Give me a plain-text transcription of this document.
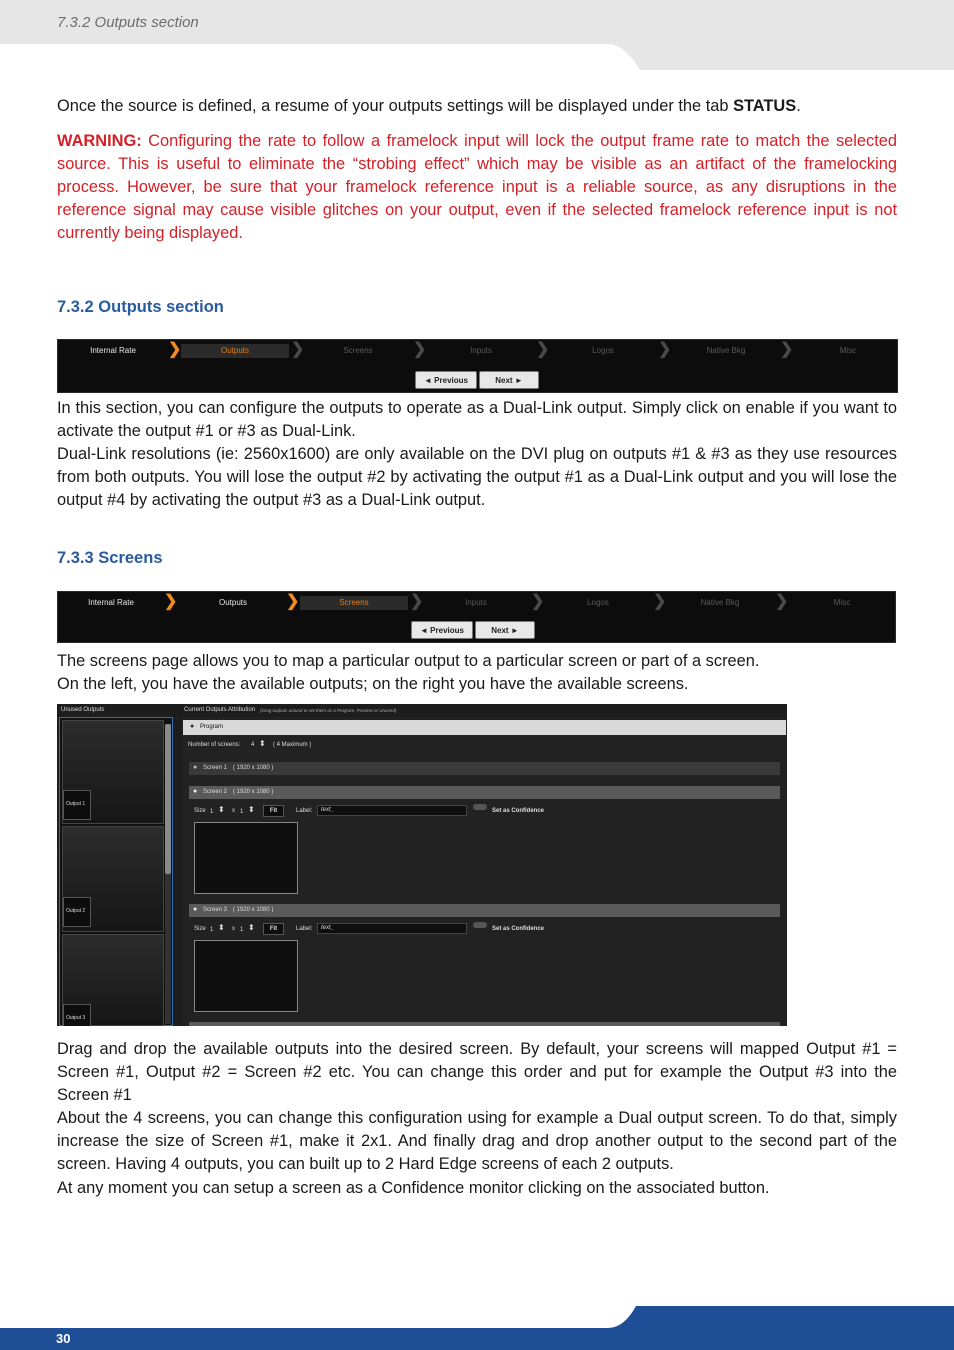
7.3.2 Outputs section

Once the source is defined, a resume of your outputs settings will be displayed under the tab STATUS.

WARNING: Configuring the rate to follow a framelock input will lock the output frame rate to match the selected source. This is useful to eliminate the “strobing effect” which may be visible as an artifact of the framelocking process. However, be sure that your framelock reference input is a reliable source, as any disruptions in the reference signal may cause visible glitches on your output, even if the selected framelock reference input is not currently being displayed.

7.3.2 Outputs section
Internal Rate	❯	Outputs	❯	Screens	❯	Inputs	❯	Logos	❯	Native Bkg	❯	Misc
◄ Previous	Next ►

In this section, you can configure the outputs to operate as a Dual-Link output. Simply click on enable if you want to activate the output #1 or #3 as Dual-Link.

Dual-Link resolutions (ie: 2560x1600) are only available on the DVI plug on outputs #1 & #3 as they use resources from both outputs. You will lose the output #2 by activating the output #1 as a Dual-Link output and you will lose the output #4 by activating the output #3 as a Dual-Link output.

7.3.3 Screens
Internal Rate	❯	Outputs	❯	Screens	❯	Inputs	❯	Logos	❯	Native Bkg	❯	Misc
◄ Previous	Next ►

The screens page allows you to map a particular output to a particular screen or part of a screen.

On the left, you have the available outputs; on the right you have the available screens.

Unused Outputs
Output 1
Output 2
Output 3
Current Outputs Attribution (Drag outputs around to set them as a Program, Preview or Unused)
● Program
Number of screens: 4 ⬍ ( 4 Maximum )
● Screen 1 ( 1920 x 1080 )
● Screen 2 ( 1920 x 1080 )
Size 1 ⬍ x 1 ⬍	Fit	Label:	text_	Set as Confidence
● Screen 3 ( 1920 x 1080 )
Size 1 ⬍ x 1 ⬍	Fit	Label:	text_	Set as Confidence

Drag and drop the available outputs into the desired screen. By default, your screens will mapped Output #1 = Screen #1, Output #2 = Screen #2 etc. You can change this order and put for example the Output #3 into the Screen #1

About the 4 screens, you can change this configuration using for example a Dual output screen. To do that, simply increase the size of Screen #1, make it 2x1. And finally drag and drop another output to the second part of the screen. Having 4 outputs, you can built up to 2 Hard Edge screens of each 2 outputs.

At any moment you can setup a screen as a Confidence monitor clicking on the associated button.

30
